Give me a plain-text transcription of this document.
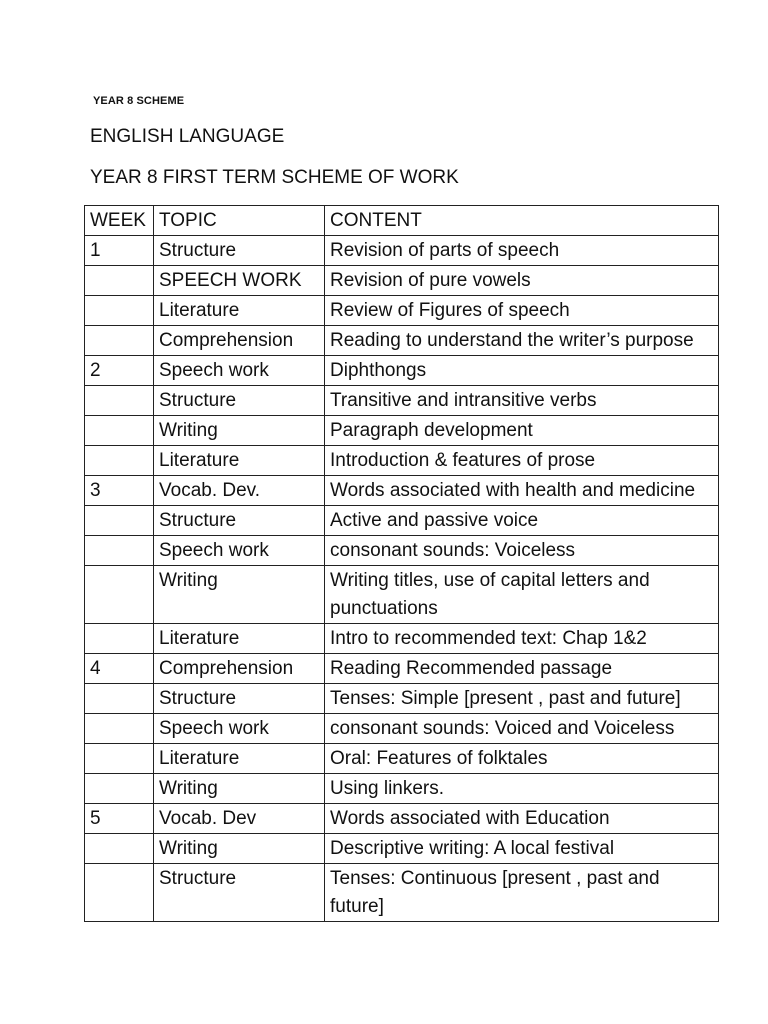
YEAR 8 SCHEME
ENGLISH LANGUAGE
YEAR 8 FIRST TERM SCHEME OF WORK
WEEK	TOPIC	CONTENT
1	Structure	Revision of parts of speech
	SPEECH WORK	Revision of pure vowels
	Literature	Review of Figures of speech
	Comprehension	Reading to understand the writer’s purpose
2	Speech work	Diphthongs
	Structure	Transitive and intransitive verbs
	Writing	Paragraph development
	Literature	Introduction & features of prose
3	Vocab. Dev.	Words associated with health and medicine
	Structure	Active and passive voice
	Speech work	consonant sounds: Voiceless
	Writing	Writing titles, use of capital letters and punctuations
	Literature	Intro to recommended text: Chap 1&2
4	Comprehension	Reading Recommended passage
	Structure	Tenses: Simple [present , past and future]
	Speech work	consonant sounds: Voiced and Voiceless
	Literature	Oral: Features of folktales
	Writing	Using linkers.
5	Vocab. Dev	Words associated with Education
	Writing	Descriptive writing: A local festival
	Structure	Tenses: Continuous [present , past and future]
